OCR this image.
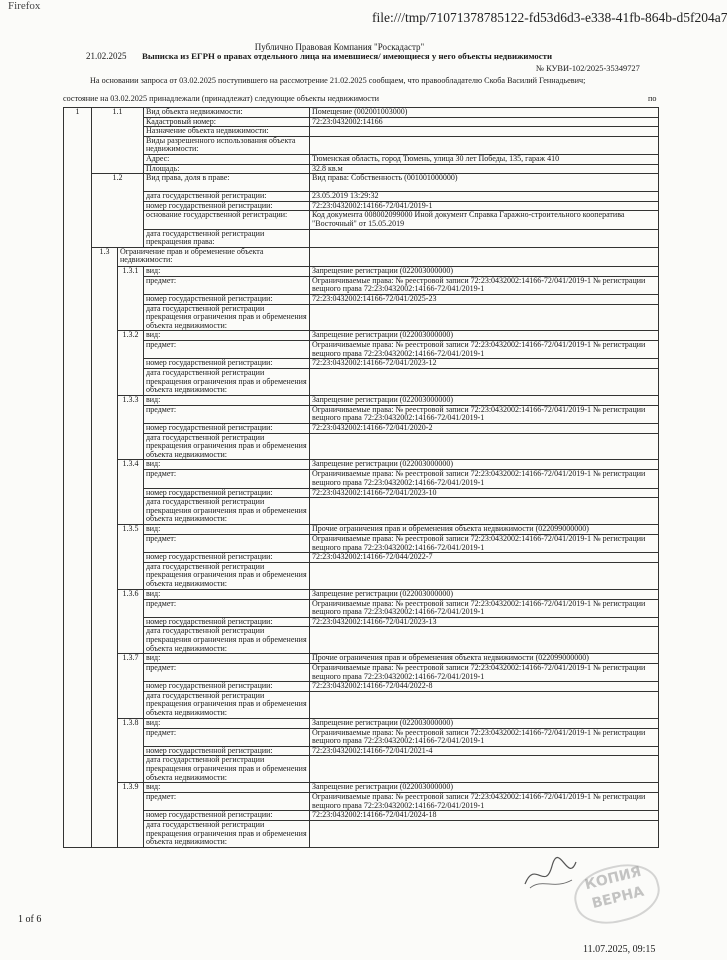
Firefox
file:///tmp/71071378785122-fd53d6d3-e338-41fb-864b-d5f204a7
Публично Правовая Компания "Роскадастр"
21.02.2025 Выписка из ЕГРН о правах отдельного лица на имевшиеся/ имеющиеся у него объекты недвижимости
№ КУВИ-102/2025-35349727
На основании запроса от 03.02.2025 поступившего на рассмотрение 21.02.2025 сообщаем, что правообладателю Скоба Василий Геннадьевич;
состояние на 03.02.2025 принадлежали (принадлежат) следующие объекты недвижимости	по
1	1.1		Вид объекта недвижимости:	Помещение (002001003000)
			Кадастровый номер:	72:23:0432002:14166
			Назначение объекта недвижимости:	
			Виды разрешенного использования объекта недвижимости:	
			Адрес:	Тюменская область, город Тюмень, улица 30 лет Победы, 135, гараж 410
			Площадь:	32.8 кв.м
	1.2		Вид права, доля в праве:	Вид права: Собственность (001001000000)
			дата государственной регистрации:	23.05.2019 13:29:32
			номер государственной регистрации:	72:23:0432002:14166-72/041/2019-1
			основание государственной регистрации:	Код документа 008002099000 Иной документ Справка Гаражно-строительного кооператива "Восточный" от 15.05.2019
			дата государственной регистрации прекращения права:	
	1.3	Ограничение прав и обременение объекта недвижимости:		
		1.3.1	вид:	Запрещение регистрации (022003000000)
			предмет:	Ограничиваемые права: № реестровой записи 72:23:0432002:14166-72/041/2019-1 № регистрации вещного права 72:23:0432002:14166-72/041/2019-1
			номер государственной регистрации:	72:23:0432002:14166-72/041/2025-23
			дата государственной регистрации прекращения ограничения прав и обременения объекта недвижимости:	
		1.3.2	вид:	Запрещение регистрации (022003000000)
			предмет:	Ограничиваемые права: № реестровой записи 72:23:0432002:14166-72/041/2019-1 № регистрации вещного права 72:23:0432002:14166-72/041/2019-1
			номер государственной регистрации:	72:23:0432002:14166-72/041/2023-12
			дата государственной регистрации прекращения ограничения прав и обременения объекта недвижимости:	
		1.3.3	вид:	Запрещение регистрации (022003000000)
			предмет:	Ограничиваемые права: № реестровой записи 72:23:0432002:14166-72/041/2019-1 № регистрации вещного права 72:23:0432002:14166-72/041/2019-1
			номер государственной регистрации:	72:23:0432002:14166-72/041/2020-2
			дата государственной регистрации прекращения ограничения прав и обременения объекта недвижимости:	
		1.3.4	вид:	Запрещение регистрации (022003000000)
			предмет:	Ограничиваемые права: № реестровой записи 72:23:0432002:14166-72/041/2019-1 № регистрации вещного права 72:23:0432002:14166-72/041/2019-1
			номер государственной регистрации:	72:23:0432002:14166-72/041/2023-10
			дата государственной регистрации прекращения ограничения прав и обременения объекта недвижимости:	
		1.3.5	вид:	Прочие ограничения прав и обременения объекта недвижимости (022099000000)
			предмет:	Ограничиваемые права: № реестровой записи 72:23:0432002:14166-72/041/2019-1 № регистрации вещного права 72:23:0432002:14166-72/041/2019-1
			номер государственной регистрации:	72:23:0432002:14166-72/044/2022-7
			дата государственной регистрации прекращения ограничения прав и обременения объекта недвижимости:	
		1.3.6	вид:	Запрещение регистрации (022003000000)
			предмет:	Ограничиваемые права: № реестровой записи 72:23:0432002:14166-72/041/2019-1 № регистрации вещного права 72:23:0432002:14166-72/041/2019-1
			номер государственной регистрации:	72:23:0432002:14166-72/041/2023-13
			дата государственной регистрации прекращения ограничения прав и обременения объекта недвижимости:	
		1.3.7	вид:	Прочие ограничения прав и обременения объекта недвижимости (022099000000)
			предмет:	Ограничиваемые права: № реестровой записи 72:23:0432002:14166-72/041/2019-1 № регистрации вещного права 72:23:0432002:14166-72/041/2019-1
			номер государственной регистрации:	72:23:0432002:14166-72/044/2022-8
			дата государственной регистрации прекращения ограничения прав и обременения объекта недвижимости:	
		1.3.8	вид:	Запрещение регистрации (022003000000)
			предмет:	Ограничиваемые права: № реестровой записи 72:23:0432002:14166-72/041/2019-1 № регистрации вещного права 72:23:0432002:14166-72/041/2019-1
			номер государственной регистрации:	72:23:0432002:14166-72/041/2021-4
			дата государственной регистрации прекращения ограничения прав и обременения объекта недвижимости:	
		1.3.9	вид:	Запрещение регистрации (022003000000)
			предмет:	Ограничиваемые права: № реестровой записи 72:23:0432002:14166-72/041/2019-1 № регистрации вещного права 72:23:0432002:14166-72/041/2019-1
			номер государственной регистрации:	72:23:0432002:14166-72/041/2024-18
			дата государственной регистрации прекращения ограничения прав и обременения объекта недвижимости:	
КОПИЯ ВЕРНА
1 of 6
11.07.2025, 09:15
